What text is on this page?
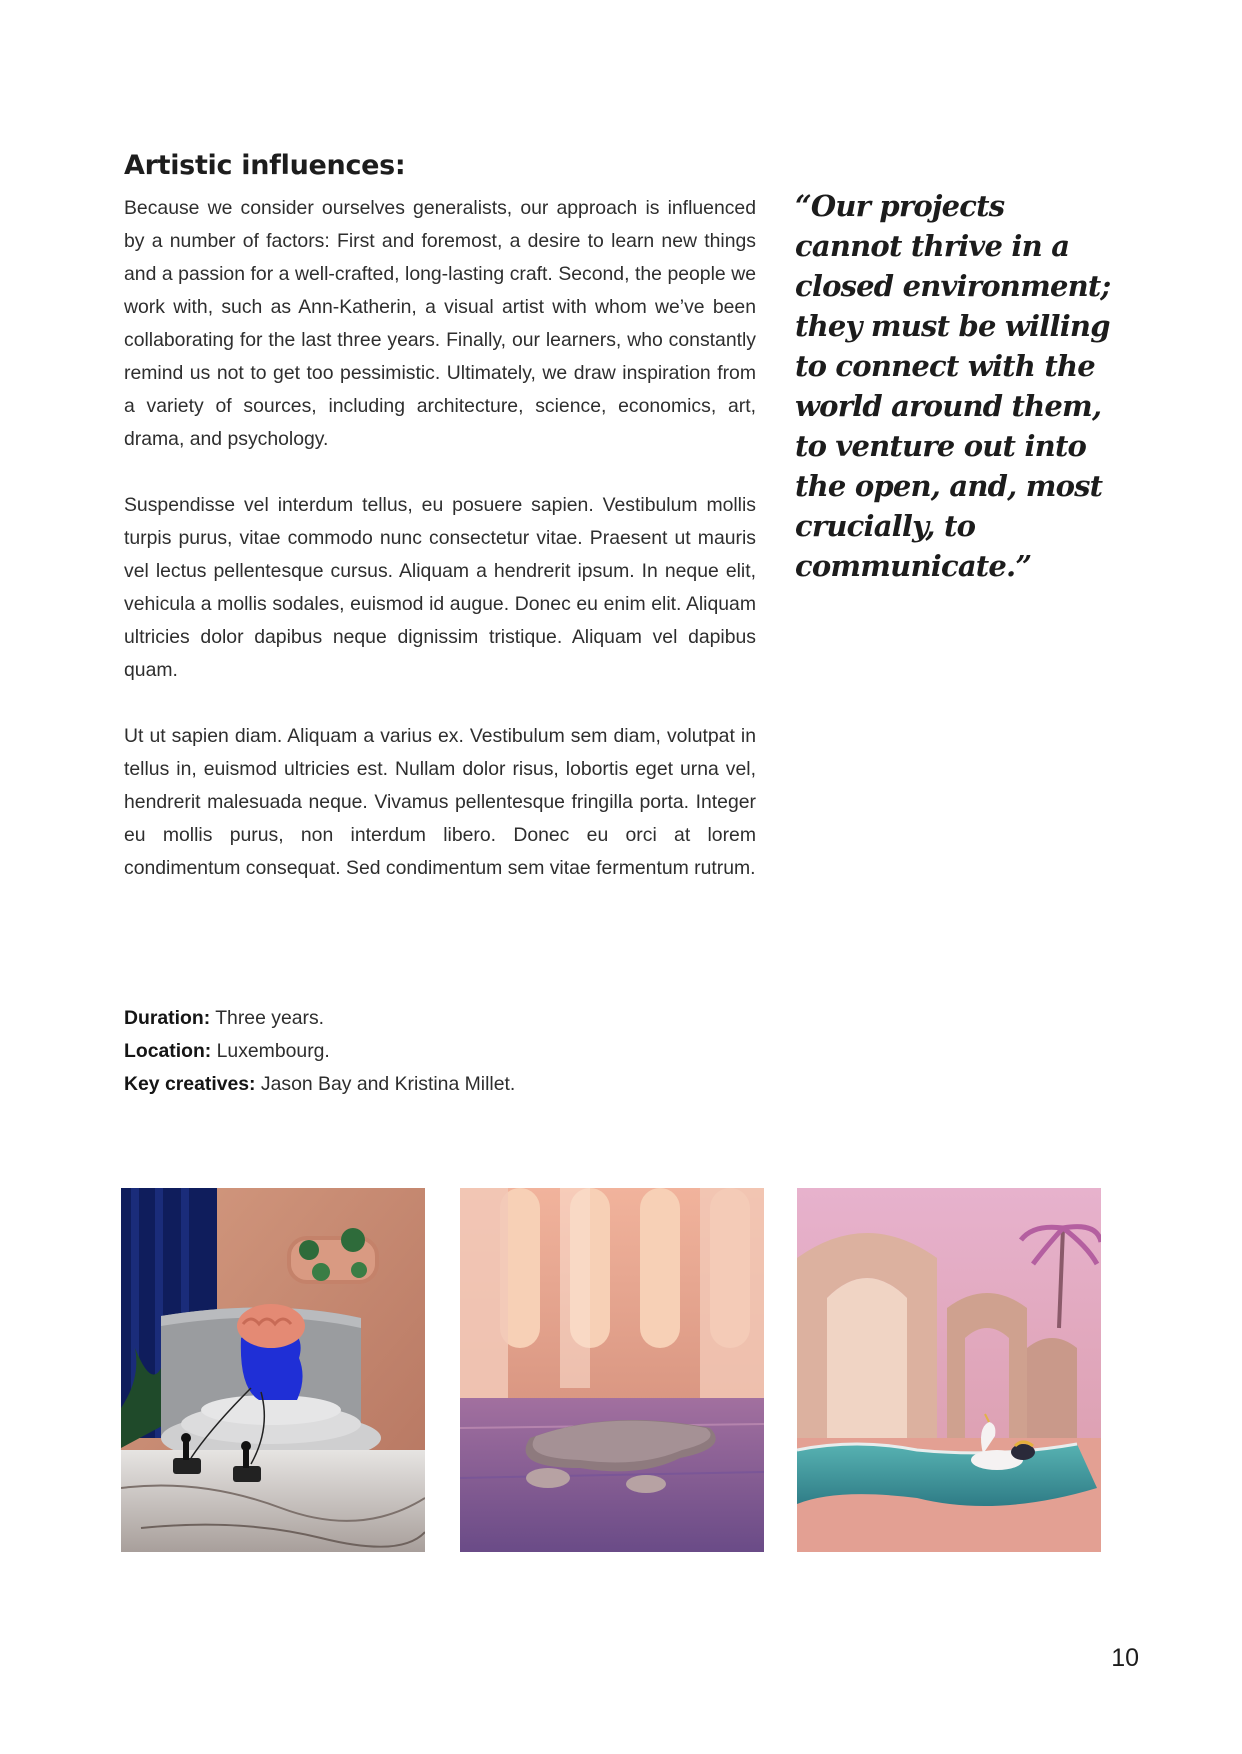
Artistic influences:

Because we consider ourselves generalists, our approach is influenced by a number of factors: First and foremost, a desire to learn new things and a passion for a well-crafted, long-lasting craft. Second, the people we work with, such as Ann-Katherin, a visual artist with whom we’ve been collaborating for the last three years. Finally, our learners, who constantly remind us not to get too pessimistic. Ultimately, we draw inspiration from a variety of sources, including architecture, science, economics, art, drama, and psychology.

Suspendisse vel interdum tellus, eu posuere sapien. Vestibulum mollis turpis purus, vitae commodo nunc consectetur vitae. Praesent ut mauris vel lectus pellentesque cursus. Aliquam a hendrerit ipsum. In neque elit, vehicula a mollis sodales, euismod id augue. Donec eu enim elit. Aliquam ultricies dolor dapibus neque dignissim tristique. Aliquam vel dapibus quam.

Ut ut sapien diam. Aliquam a varius ex. Vestibulum sem diam, volutpat in tellus in, euismod ultricies est. Nullam dolor risus, lobortis eget urna vel, hendrerit malesuada neque. Vivamus pellentesque fringilla porta. Integer eu mollis purus, non interdum libero. Donec eu orci at lorem condimentum consequat. Sed condimentum sem vitae fermentum rutrum.

Duration: Three years.
Location: Luxembourg.
Key creatives: Jason Bay and Kristina Millet.

“Our projects cannot thrive in a closed environment; they must be willing to connect with the world around them, to venture out into the open, and, most crucially, to communicate.”

10
